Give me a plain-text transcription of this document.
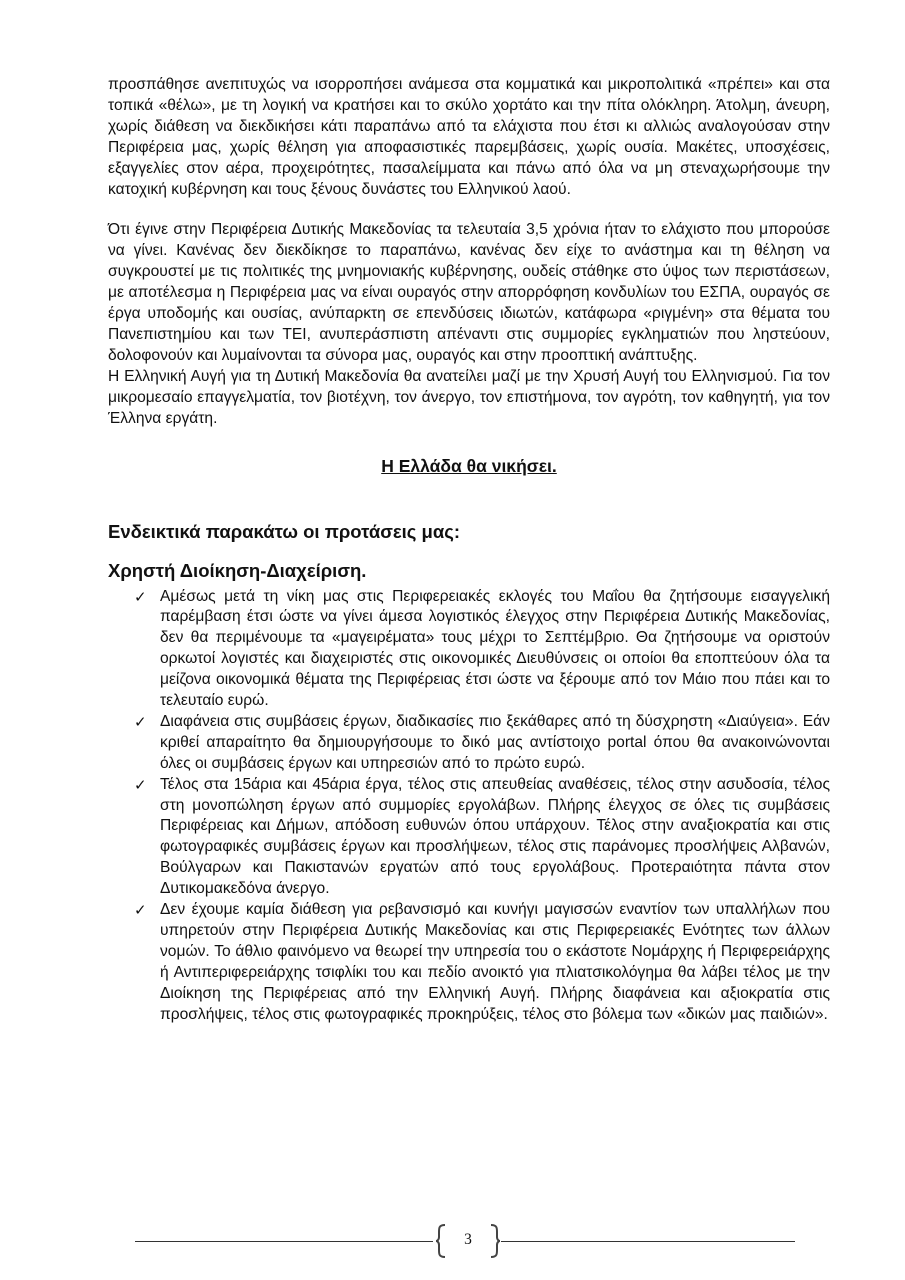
προσπάθησε ανεπιτυχώς να ισορροπήσει ανάμεσα στα κομματικά και μικροπολιτικά «πρέπει» και στα τοπικά «θέλω», με τη λογική να κρατήσει και το σκύλο χορτάτο και την πίτα ολόκληρη. Άτολμη, άνευρη, χωρίς διάθεση να διεκδικήσει κάτι παραπάνω από τα ελάχιστα που έτσι κι αλλιώς αναλογούσαν στην Περιφέρεια μας, χωρίς θέληση για αποφασιστικές παρεμβάσεις, χωρίς ουσία. Μακέτες, υποσχέσεις, εξαγγελίες στον αέρα, προχειρότητες, πασαλείμματα και πάνω από όλα να μη στεναχωρήσουμε την κατοχική κυβέρνηση και τους ξένους δυνάστες του Ελληνικού λαού.

Ότι έγινε στην Περιφέρεια Δυτικής Μακεδονίας τα τελευταία 3,5 χρόνια ήταν το ελάχιστο που μπορούσε να γίνει. Κανένας δεν διεκδίκησε το παραπάνω, κανένας δεν είχε το ανάστημα και τη θέληση να συγκρουστεί με τις πολιτικές της μνημονιακής κυβέρνησης, ουδείς στάθηκε στο ύψος των περιστάσεων, με αποτέλεσμα η Περιφέρεια μας να είναι ουραγός στην απορρόφηση κονδυλίων του ΕΣΠΑ, ουραγός σε έργα υποδομής και ουσίας, ανύπαρκτη σε επενδύσεις ιδιωτών, κατάφωρα «ριγμένη» στα θέματα του Πανεπιστημίου και των ΤΕΙ, ανυπεράσπιστη απέναντι στις συμμορίες εγκληματιών που ληστεύουν, δολοφονούν και λυμαίνονται τα σύνορα μας, ουραγός και στην προοπτική ανάπτυξης.

Η Ελληνική Αυγή για τη Δυτική Μακεδονία θα ανατείλει μαζί με την Χρυσή Αυγή του Ελληνισμού. Για τον μικρομεσαίο επαγγελματία, τον βιοτέχνη, τον άνεργο, τον επιστήμονα, τον αγρότη, τον καθηγητή, για τον Έλληνα εργάτη.

Η Ελλάδα θα νικήσει.
Ενδεικτικά παρακάτω οι προτάσεις μας:
Χρηστή Διοίκηση-Διαχείριση.
✓ Αμέσως μετά τη νίκη μας στις Περιφερειακές εκλογές του Μαΐου θα ζητήσουμε εισαγγελική παρέμβαση έτσι ώστε να γίνει άμεσα λογιστικός έλεγχος στην Περιφέρεια Δυτικής Μακεδονίας, δεν θα περιμένουμε τα «μαγειρέματα» τους μέχρι το Σεπτέμβριο. Θα ζητήσουμε να οριστούν ορκωτοί λογιστές και διαχειριστές στις οικονομικές Διευθύνσεις οι οποίοι θα εποπτεύουν όλα τα μείζονα οικονομικά θέματα της Περιφέρειας έτσι ώστε να ξέρουμε από τον Μάιο που πάει και το τελευταίο ευρώ.
✓ Διαφάνεια στις συμβάσεις έργων, διαδικασίες πιο ξεκάθαρες από τη δύσχρηστη «Διαύγεια». Εάν κριθεί απαραίτητο θα δημιουργήσουμε το δικό μας αντίστοιχο portal όπου θα ανακοινώνονται όλες οι συμβάσεις έργων και υπηρεσιών από το πρώτο ευρώ.
✓ Τέλος στα 15άρια και 45άρια έργα, τέλος στις απευθείας αναθέσεις, τέλος στην ασυδοσία, τέλος στη μονοπώληση έργων από συμμορίες εργολάβων. Πλήρης έλεγχος σε όλες τις συμβάσεις Περιφέρειας και Δήμων, απόδοση ευθυνών όπου υπάρχουν. Τέλος στην αναξιοκρατία και στις φωτογραφικές συμβάσεις έργων και προσλήψεων, τέλος στις παράνομες προσλήψεις Αλβανών, Βούλγαρων και Πακιστανών εργατών από τους εργολάβους. Προτεραιότητα πάντα στον Δυτικομακεδόνα άνεργο.
✓ Δεν έχουμε καμία διάθεση για ρεβανσισμό και κυνήγι μαγισσών εναντίον των υπαλλήλων που υπηρετούν στην Περιφέρεια Δυτικής Μακεδονίας και στις Περιφερειακές Ενότητες των άλλων νομών. Το άθλιο φαινόμενο να θεωρεί την υπηρεσία του ο εκάστοτε Νομάρχης ή Περιφερειάρχης ή Αντιπεριφερειάρχης τσιφλίκι του και πεδίο ανοικτό για πλιατσικολόγημα θα λάβει τέλος με την Διοίκηση της Περιφέρειας από την Ελληνική Αυγή. Πλήρης διαφάνεια και αξιοκρατία στις προσλήψεις, τέλος στις φωτογραφικές προκηρύξεις, τέλος στο βόλεμα των «δικών μας παιδιών».
3
